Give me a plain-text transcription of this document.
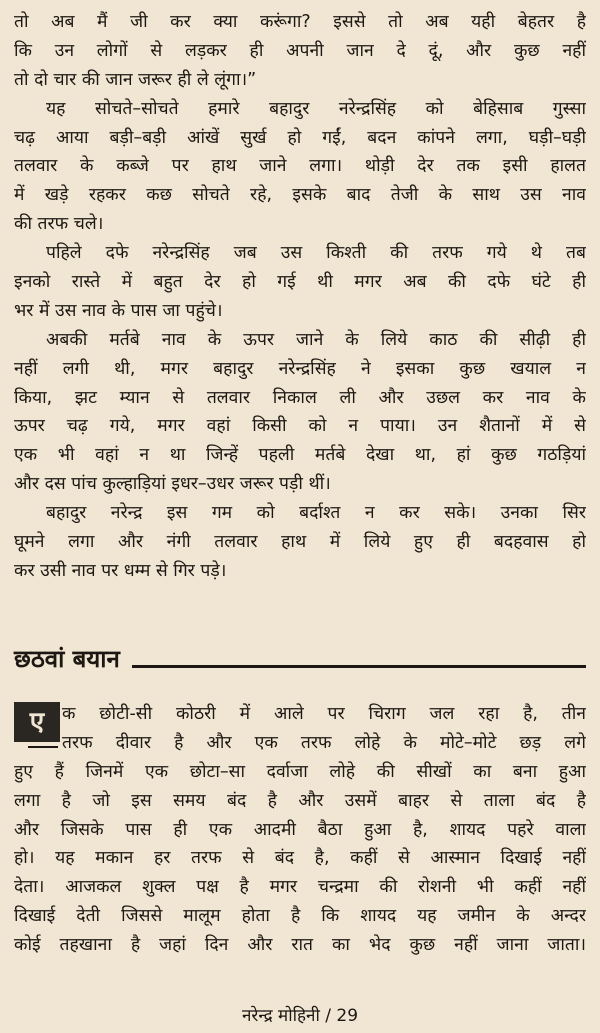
तो अब मैं जी कर क्या करूंगा? इससे तो अब यही बेहतर है
कि उन लोगों से लड़कर ही अपनी जान दे दूं, और कुछ नहीं
तो दो चार की जान जरूर ही ले लूंगा।”
यह सोचते–सोचते हमारे बहादुर नरेन्द्रसिंह को बेहिसाब गुस्सा
चढ़ आया बड़ी–बड़ी आंखें सुर्ख हो गईं, बदन कांपने लगा, घड़ी–घड़ी
तलवार के कब्जे पर हाथ जाने लगा। थोड़ी देर तक इसी हालत
में खड़े रहकर कछ सोचते रहे, इसके बाद तेजी के साथ उस नाव
की तरफ चले।
पहिले दफे नरेन्द्रसिंह जब उस किश्ती की तरफ गये थे तब
इनको रास्ते में बहुत देर हो गई थी मगर अब की दफे घंटे ही
भर में उस नाव के पास जा पहुंचे।
अबकी मर्तबे नाव के ऊपर जाने के लिये काठ की सीढ़ी ही
नहीं लगी थी, मगर बहादुर नरेन्द्रसिंह ने इसका कुछ खयाल न
किया, झट म्यान से तलवार निकाल ली और उछल कर नाव के
ऊपर चढ़ गये, मगर वहां किसी को न पाया। उन शैतानों में से
एक भी वहां न था जिन्हें पहली मर्तबे देखा था, हां कुछ गठड़ियां
और दस पांच कुल्हाड़ियां इधर–उधर जरूर पड़ी थीं।
बहादुर नरेन्द्र इस गम को बर्दाश्त न कर सके। उनका सिर
घूमने लगा और नंगी तलवार हाथ में लिये हुए ही बदहवास हो
कर उसी नाव पर धम्म से गिर पड़े।
छठवां बयान
ए	क छोटी-सी कोठरी में आले पर चिराग जल रहा है, तीन
तरफ दीवार है और एक तरफ लोहे के मोटे–मोटे छड़ लगे
हुए हैं जिनमें एक छोटा–सा दर्वाजा लोहे की सीखों का बना हुआ
लगा है जो इस समय बंद है और उसमें बाहर से ताला बंद है
और जिसके पास ही एक आदमी बैठा हुआ है, शायद पहरे वाला
हो। यह मकान हर तरफ से बंद है, कहीं से आस्मान दिखाई नहीं
देता। आजकल शुक्ल पक्ष है मगर चन्द्रमा की रोशनी भी कहीं नहीं
दिखाई देती जिससे मालूम होता है कि शायद यह जमीन के अन्दर
कोई तहखाना है जहां दिन और रात का भेद कुछ नहीं जाना जाता।
नरेन्द्र मोहिनी / 29
